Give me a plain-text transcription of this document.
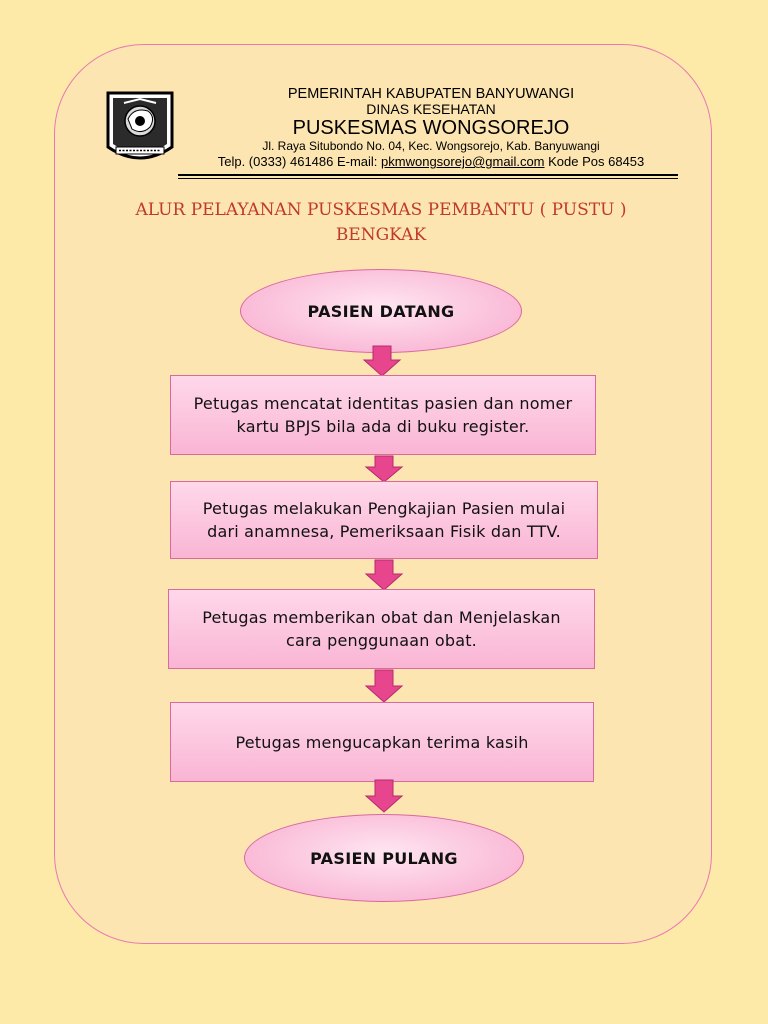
PEMERINTAH KABUPATEN BANYUWANGI
DINAS KESEHATAN
PUSKESMAS WONGSOREJO
Jl. Raya Situbondo No. 04, Kec. Wongsorejo, Kab. Banyuwangi
Telp. (0333) 461486 E-mail: pkmwongsorejo@gmail.com Kode Pos 68453
ALUR PELAYANAN PUSKESMAS PEMBANTU ( PUSTU )
BENGKAK
PASIEN DATANG
Petugas mencatat identitas pasien dan nomer kartu BPJS bila ada di buku register.
Petugas melakukan Pengkajian Pasien mulai dari anamnesa, Pemeriksaan Fisik dan TTV.
Petugas memberikan obat dan Menjelaskan cara penggunaan obat.
Petugas mengucapkan terima kasih
PASIEN PULANG
